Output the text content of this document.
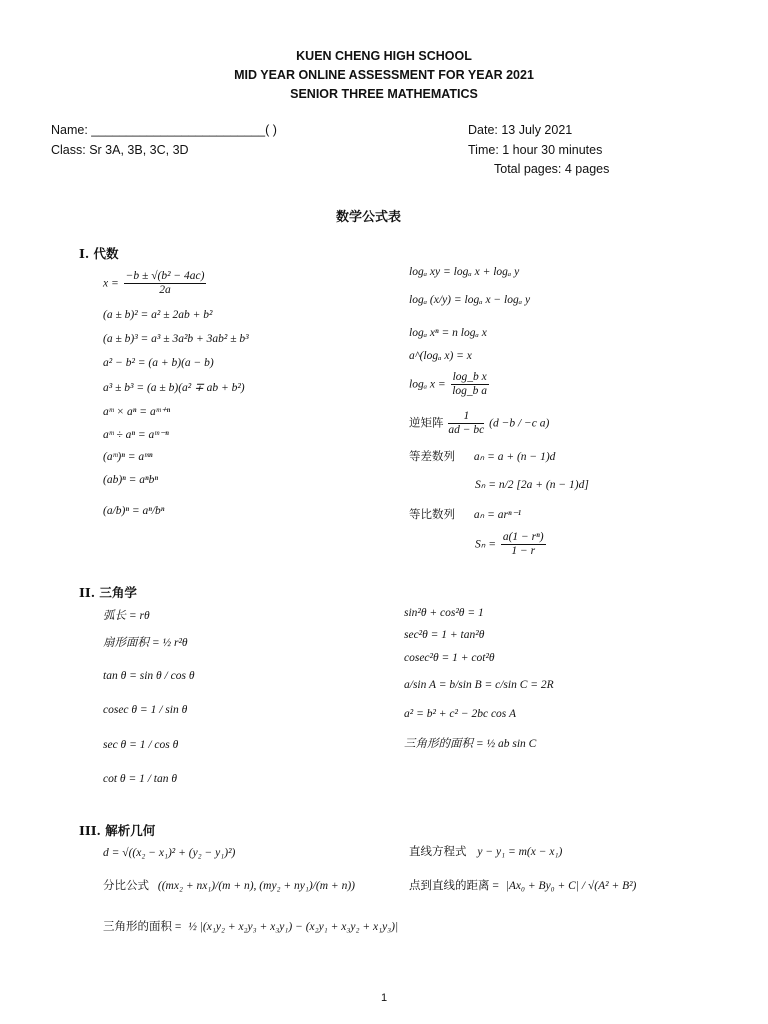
KUEN CHENG HIGH SCHOOL
MID YEAR ONLINE ASSESSMENT FOR YEAR 2021
SENIOR THREE MATHEMATICS
Name: _________________________( )
Class: Sr 3A, 3B, 3C, 3D
Date: 13 July 2021
Time: 1 hour 30 minutes
Total pages: 4 pages
数学公式表
I. 代数
$x = \frac{\text{−b ± √(b² − 4ac)}}{2a}$
(a ± b)² = a² ± 2ab + b²
(a ± b)³ = a³ ± 3a²b + 3ab² ± b³
a² − b² = (a + b)(a − b)
a³ ± b³ = (a ± b)(a² ∓ ab + b²)
aᵐ × aⁿ = aᵐ⁺ⁿ
aᵐ ÷ aⁿ = aᵐ⁻ⁿ
(aᵐ)ⁿ = aᵐⁿ
(ab)ⁿ = aⁿbⁿ
(a/b)ⁿ = aⁿ/bⁿ
logₐ xy = logₐ x + logₐ y
logₐ (x/y) = logₐ x − logₐ y
logₐ xⁿ = n logₐ x
a^(logₐ x) = x
logₐ $x = \frac{\text{log\_b x}}{\text{log\_b a}}$
逆矩阵 $\frac{1}{ad - bc} (d -b / -c$ a)
等差数列 aₙ = a + (n − 1)d
Sₙ = n/2 [2a + (n − 1)d]
等比数列 aₙ = arⁿ⁻¹
$S_n = \frac{\text{a(1 − rⁿ)}}{1 - r}$
II. 三角学
弧长 = rθ
扇形面积 = ½ r²θ
tan θ = sin θ / cos θ
cosec θ = 1 / sin θ
sec θ = 1 / cos θ
cot θ = 1 / tan θ
sin²θ + cos²θ = 1
sec²θ = 1 + tan²θ
cosec²θ = 1 + cot²θ
a/sin A = b/sin B = c/sin C = 2R
a² = b² + c² − 2bc cos A
三角形的面积 = ½ ab sin C
III. 解析几何
d = √((x₂ − x₁)² + (y₂ − y₁)²)
分比公式 ((mx₂ + nx₁)/(m + n), (my₂ + ny₁)/(m + n))
直线方程式 y − y₁ = m(x − x₁)
点到直线的距离 = |Ax₀ + By₀ + C| / √(A² + B²)
三角形的面积 = ½ |(x₁y₂ + x₂y₃ + x₃y₁) − (x₂y₁ + x₃y₂ + x₁y₃)|
1
